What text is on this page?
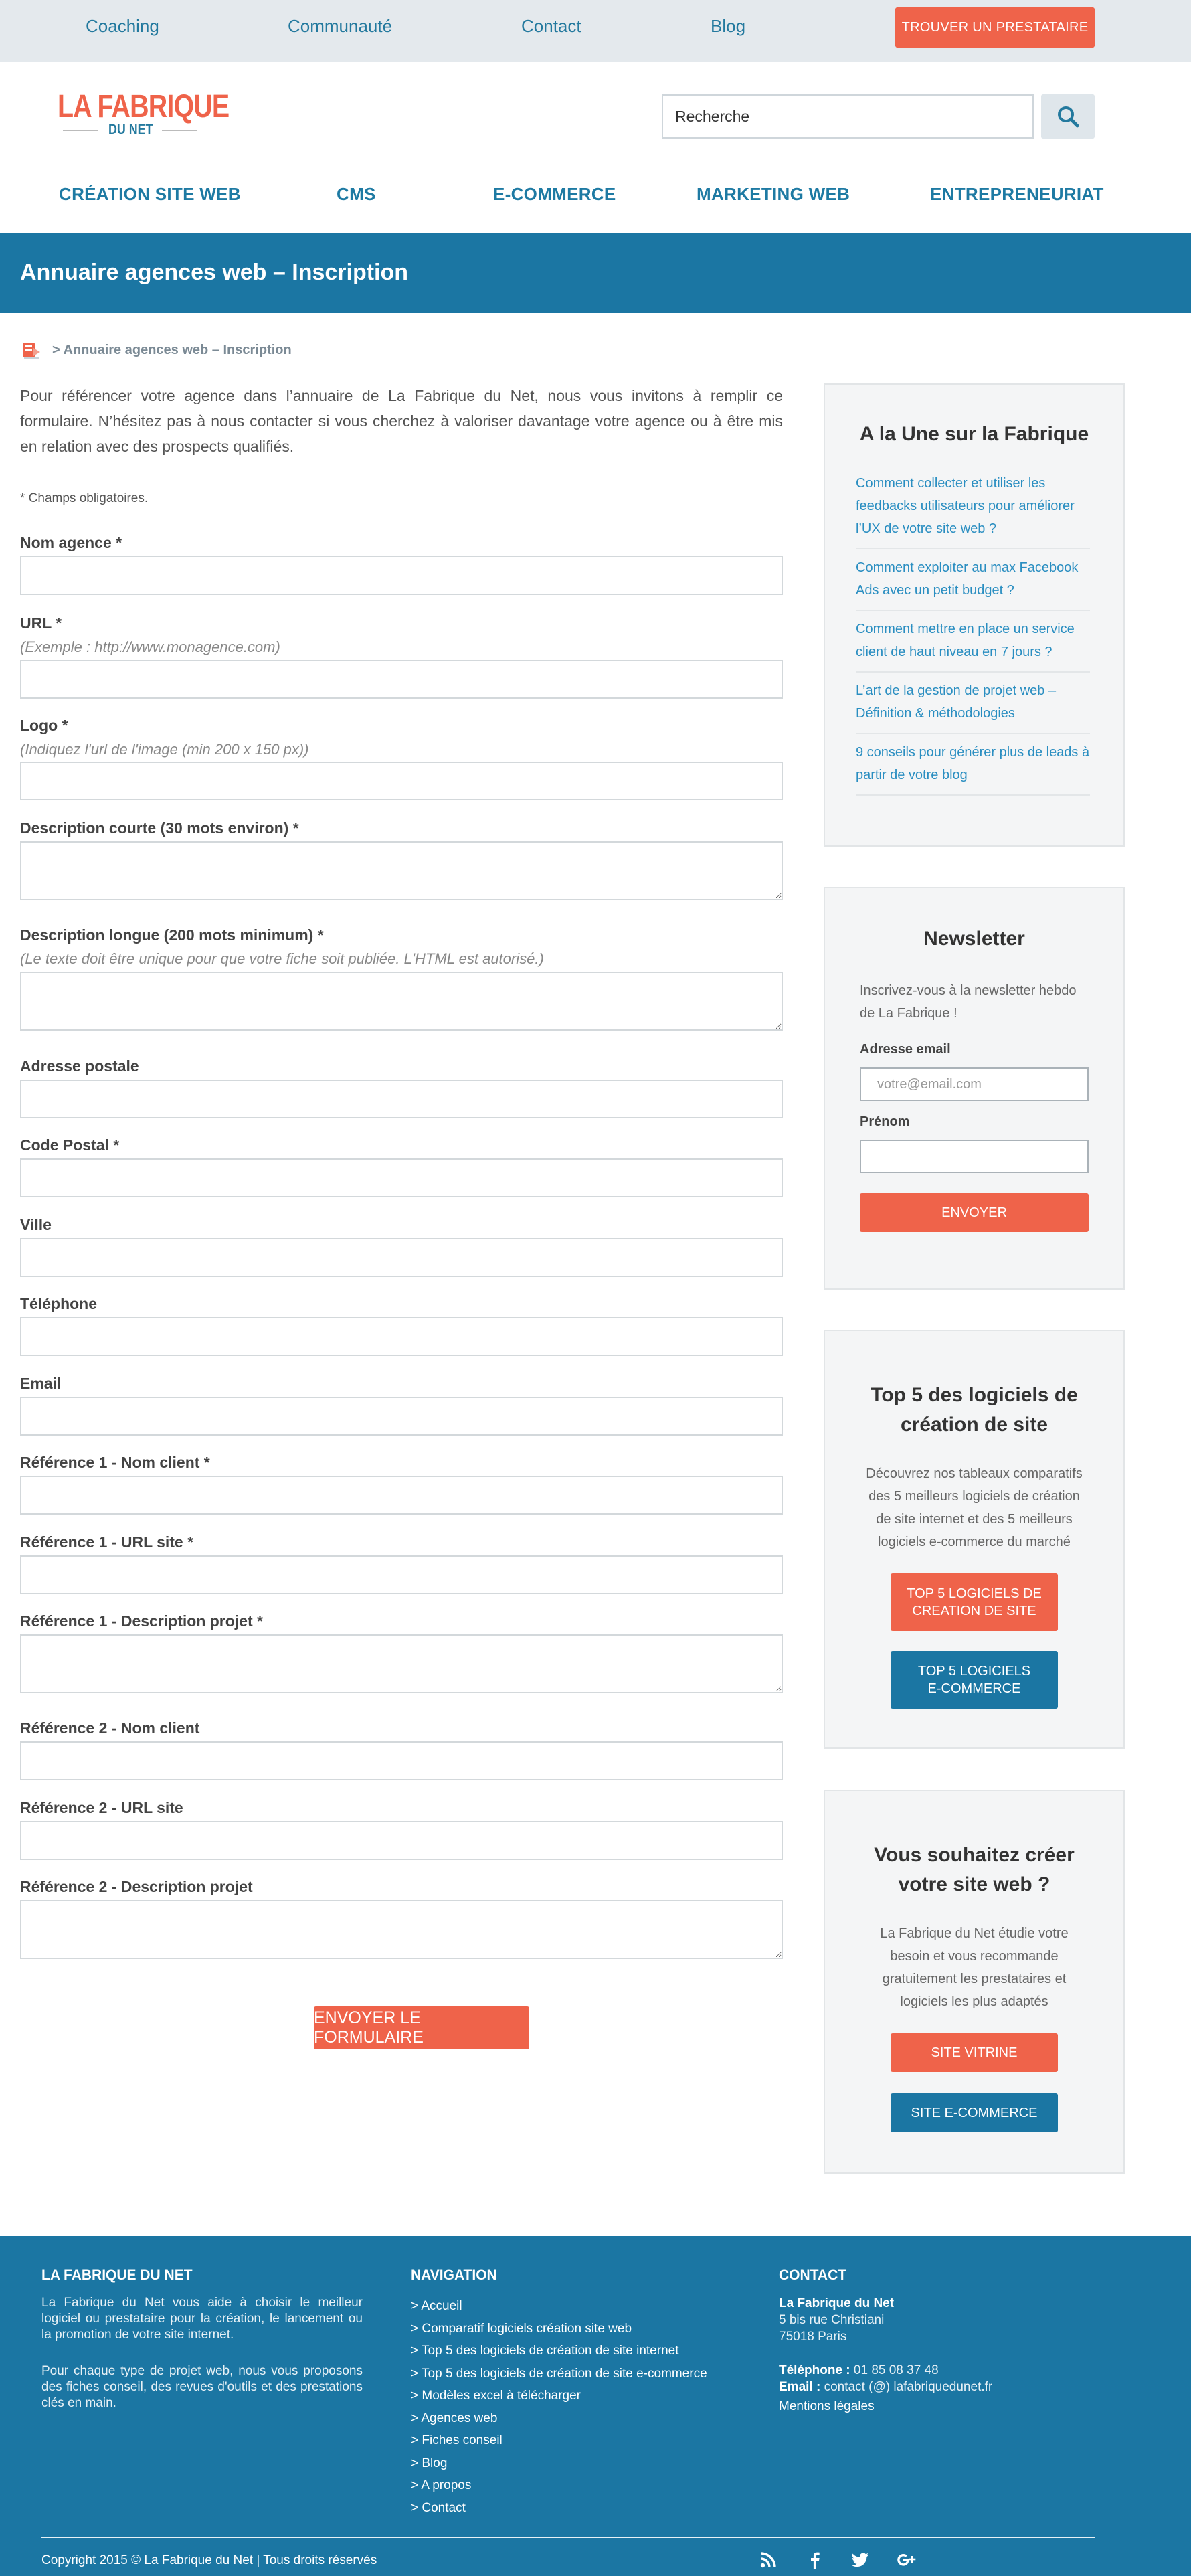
Coaching	Communauté	Contact	Blog	TROUVER UN PRESTATAIRE
LA FABRIQUE
DU NET
Recherche
CRÉATION SITE WEB	CMS	E-COMMERCE	MARKETING WEB	ENTREPRENEURIAT
Annuaire agences web – Inscription
> Annuaire agences web – Inscription

Pour référencer votre agence dans l’annuaire de La Fabrique du Net, nous vous invitons à remplir ce formulaire. N’hésitez pas à nous contacter si vous cherchez à valoriser davantage votre agence ou à être mis en relation avec des prospects qualifiés.

* Champs obligatoires.
Nom agence *
URL *
(Exemple : http://www.monagence.com)
Logo *
(Indiquez l'url de l'image (min 200 x 150 px))
Description courte (30 mots environ) *
Description longue (200 mots minimum) *
(Le texte doit être unique pour que votre fiche soit publiée. L'HTML est autorisé.)
Adresse postale
Code Postal *
Ville
Téléphone
Email
Référence 1 - Nom client *
Référence 1 - URL site *
Référence 1 - Description projet *
Référence 2 - Nom client
Référence 2 - URL site
Référence 2 - Description projet
ENVOYER LE FORMULAIRE
A la Une sur la Fabrique
Comment collecter et utiliser les feedbacks utilisateurs pour améliorer l’UX de votre site web ?
Comment exploiter au max Facebook Ads avec un petit budget ?
Comment mettre en place un service client de haut niveau en 7 jours ?
L’art de la gestion de projet web – Définition & méthodologies
9 conseils pour générer plus de leads à partir de votre blog
Newsletter
Inscrivez-vous à la newsletter hebdo de La Fabrique !
Adresse email
votre@email.com
Prénom
ENVOYER
Top 5 des logiciels de création de site
Découvrez nos tableaux comparatifs des 5 meilleurs logiciels de création de site internet et des 5 meilleurs logiciels e-commerce du marché
TOP 5 LOGICIELS DE CREATION DE SITE
TOP 5 LOGICIELS E-COMMERCE
Vous souhaitez créer votre site web ?
La Fabrique du Net étudie votre besoin et vous recommande gratuitement les prestataires et logiciels les plus adaptés
SITE VITRINE
SITE E-COMMERCE
LA FABRIQUE DU NET
La Fabrique du Net vous aide à choisir le meilleur logiciel ou prestataire pour la création, le lancement ou la promotion de votre site internet.
Pour chaque type de projet web, nous vous proposons des fiches conseil, des revues d'outils et des prestations clés en main.
NAVIGATION
> Accueil
> Comparatif logiciels création site web
> Top 5 des logiciels de création de site internet
> Top 5 des logiciels de création de site e-commerce
> Modèles excel à télécharger
> Agences web
> Fiches conseil
> Blog
> A propos
> Contact
CONTACT
La Fabrique du Net
5 bis rue Christiani
75018 Paris
Téléphone : 01 85 08 37 48
Email : contact (@) lafabriquedunet.fr
Mentions légales
Copyright 2015 © La Fabrique du Net | Tous droits réservés
